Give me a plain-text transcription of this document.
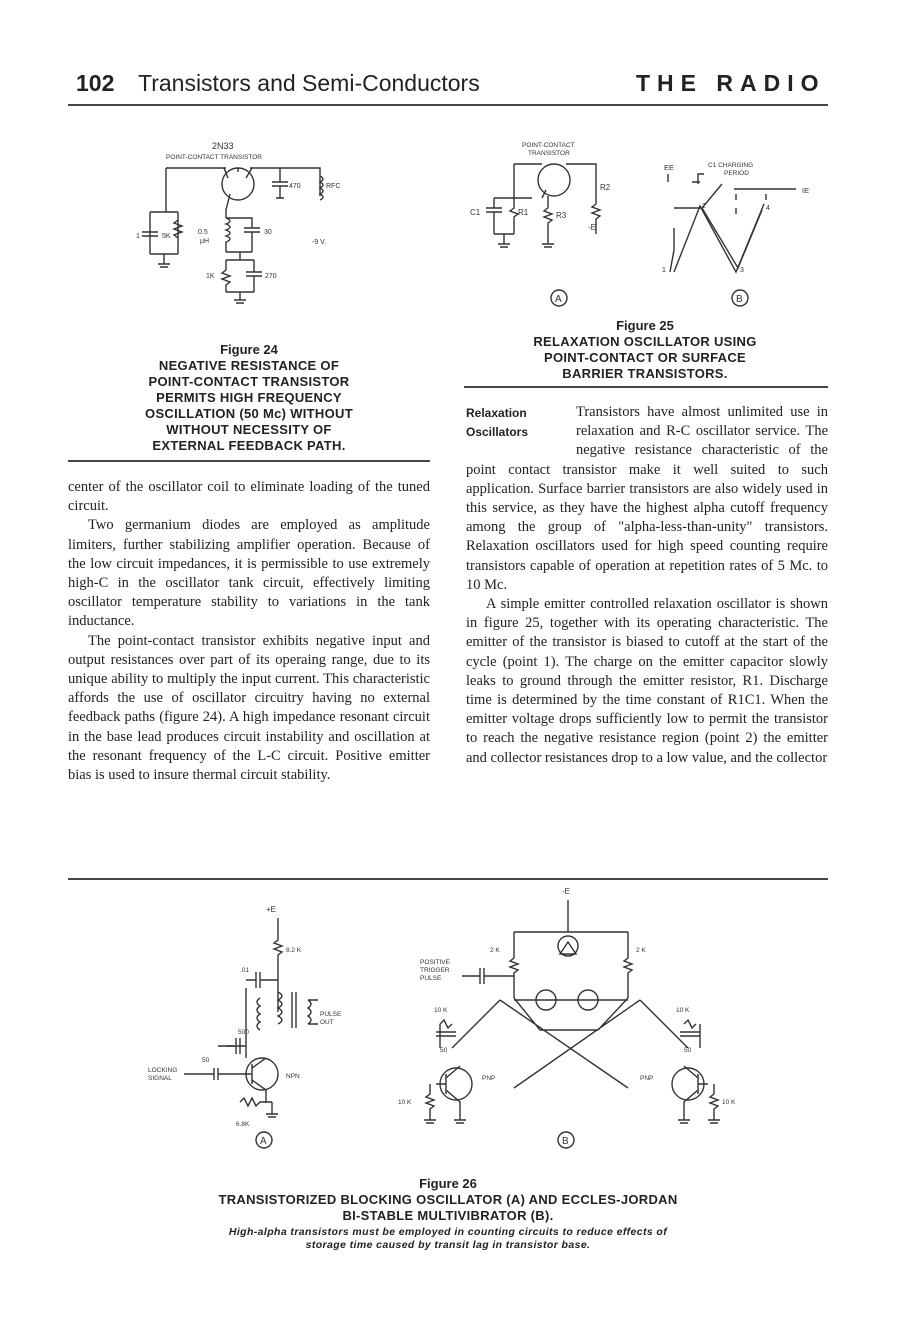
102 Transistors and Semi-Conductors	THE RADIO
2N33
POINT-CONTACT TRANSISTOR
470	RFC
-9 V.
1	5K
0.5
µH
30
1K	270
Figure 24
NEGATIVE RESISTANCE OF
POINT-CONTACT TRANSISTOR
PERMITS HIGH FREQUENCY
OSCILLATION (50 Mc) WITHOUT
WITHOUT NECESSITY OF
EXTERNAL FEEDBACK PATH.
POINT-CONTACT
TRANSISTOR
R2
C1	R1	R3
-E
EE	C1 CHARGING
PERIOD
IE
1
2
3
4
A	B
Figure 25
RELAXATION OSCILLATOR USING
POINT-CONTACT OR SURFACE
BARRIER TRANSISTORS.

center of the oscillator coil to eliminate loading of the tuned circuit.

Two germanium diodes are employed as amplitude limiters, further stabilizing amplifier operation. Because of the low circuit impedances, it is permissible to use extremely high-C in the oscillator tank circuit, effectively limiting oscillator temperature stability to variations in the tank inductance.

The point-contact transistor exhibits negative input and output resistances over part of its operaing range, due to its unique ability to multiply the input current. This characteristic affords the use of oscillator circuitry having no external feedback paths (figure 24). A high impedance resonant circuit in the base lead produces circuit instability and oscillation at the resonant frequency of the L-C circuit. Positive emitter bias is used to insure thermal circuit stability.

Relaxation
Oscillators

Transistors have almost unlimited use in relaxation and R-C oscillator service. The negative resistance characteristic of the point contact transistor make it well suited to such application. Surface barrier transistors are also widely used in this service, as they have the highest alpha cutoff frequency among the group of "alpha-less-than-unity" transistors. Relaxation oscillators used for high speed counting require transistors capable of operation at repetition rates of 5 Mc. to 10 Mc.

A simple emitter controlled relaxation oscillator is shown in figure 25, together with its operating characteristic. The emitter of the transistor is biased to cutoff at the start of the cycle (point 1). The charge on the emitter capacitor slowly leaks to ground through the emitter resistor, R1. Discharge time is determined by the time constant of R1C1. When the emitter voltage drops sufficiently low to permit the transistor to reach the negative resistance region (point 2) the emitter and collector resistances drop to a low value, and the collector

+E
8.2 K
.01
PULSE
OUT
500
50
LOCKING
SIGNAL	NPN
6.8K
A
-E
2 K	2 K
POSITIVE
TRIGGER
PULSE
10 K	10 K
50	50
PNP	PNP
10 K	10 K
B
Figure 26
TRANSISTORIZED BLOCKING OSCILLATOR (A) AND ECCLES-JORDAN
BI-STABLE MULTIVIBRATOR (B).
High-alpha transistors must be employed in counting circuits to reduce effects of
storage time caused by transit lag in transistor base.
